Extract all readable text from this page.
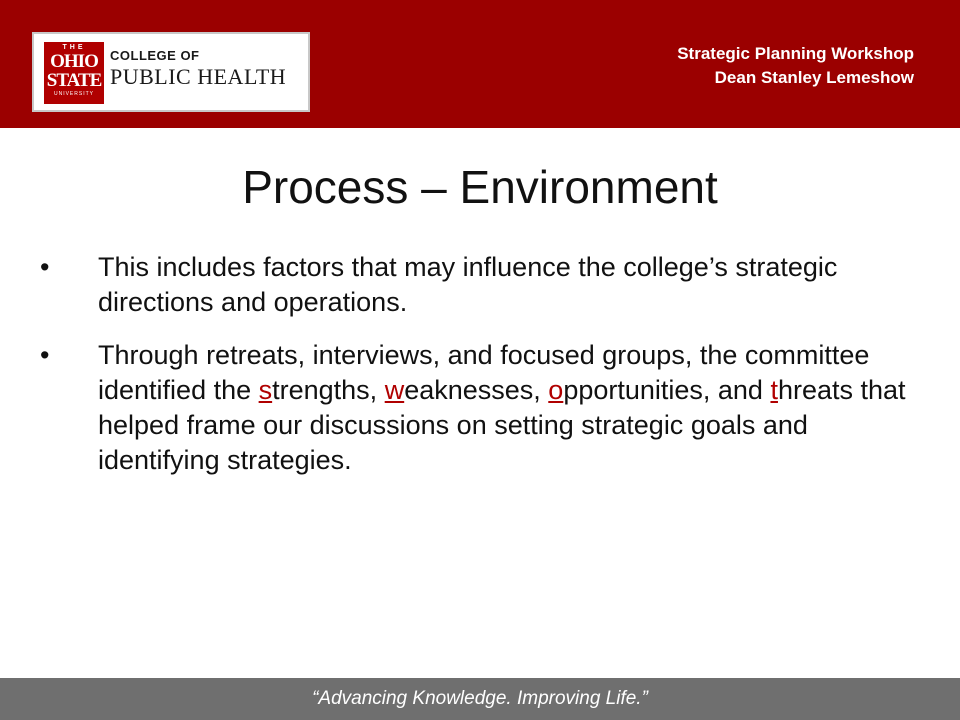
THE
OHIO
STATE
UNIVERSITY
COLLEGE OF
PUBLIC HEALTH
Strategic Planning Workshop
Dean Stanley Lemeshow
Process – Environment
• This includes factors that may influence the college’s strategic directions and operations.
• Through retreats, interviews, and focused groups, the committee identified the strengths, weaknesses, opportunities, and threats that helped frame our discussions on setting strategic goals and identifying strategies.
“Advancing Knowledge. Improving Life.”
